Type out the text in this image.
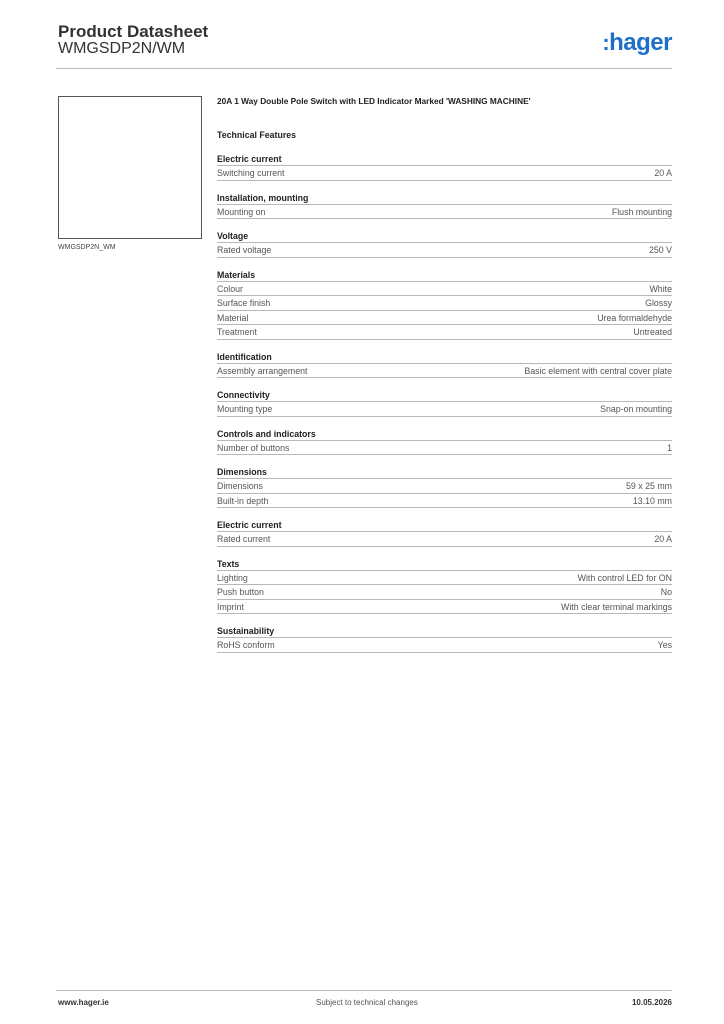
Product Datasheet
WMGSDP2N/WM	:hager
WMGSDP2N_WM
20A 1 Way Double Pole Switch with LED Indicator Marked 'WASHING MACHINE'
Technical Features
Electric current
Switching current	20 A
Installation, mounting
Mounting on	Flush mounting
Voltage
Rated voltage	250 V
Materials
Colour	White
Surface finish	Glossy
Material	Urea formaldehyde
Treatment	Untreated
Identification
Assembly arrangement	Basic element with central cover plate
Connectivity
Mounting type	Snap-on mounting
Controls and indicators
Number of buttons	1
Dimensions
Dimensions	59 x 25 mm
Built-in depth	13.10 mm
Electric current
Rated current	20 A
Texts
Lighting	With control LED for ON
Push button	No
Imprint	With clear terminal markings
Sustainability
RoHS conform	Yes
www.hager.ie	Subject to technical changes	10.05.2026
